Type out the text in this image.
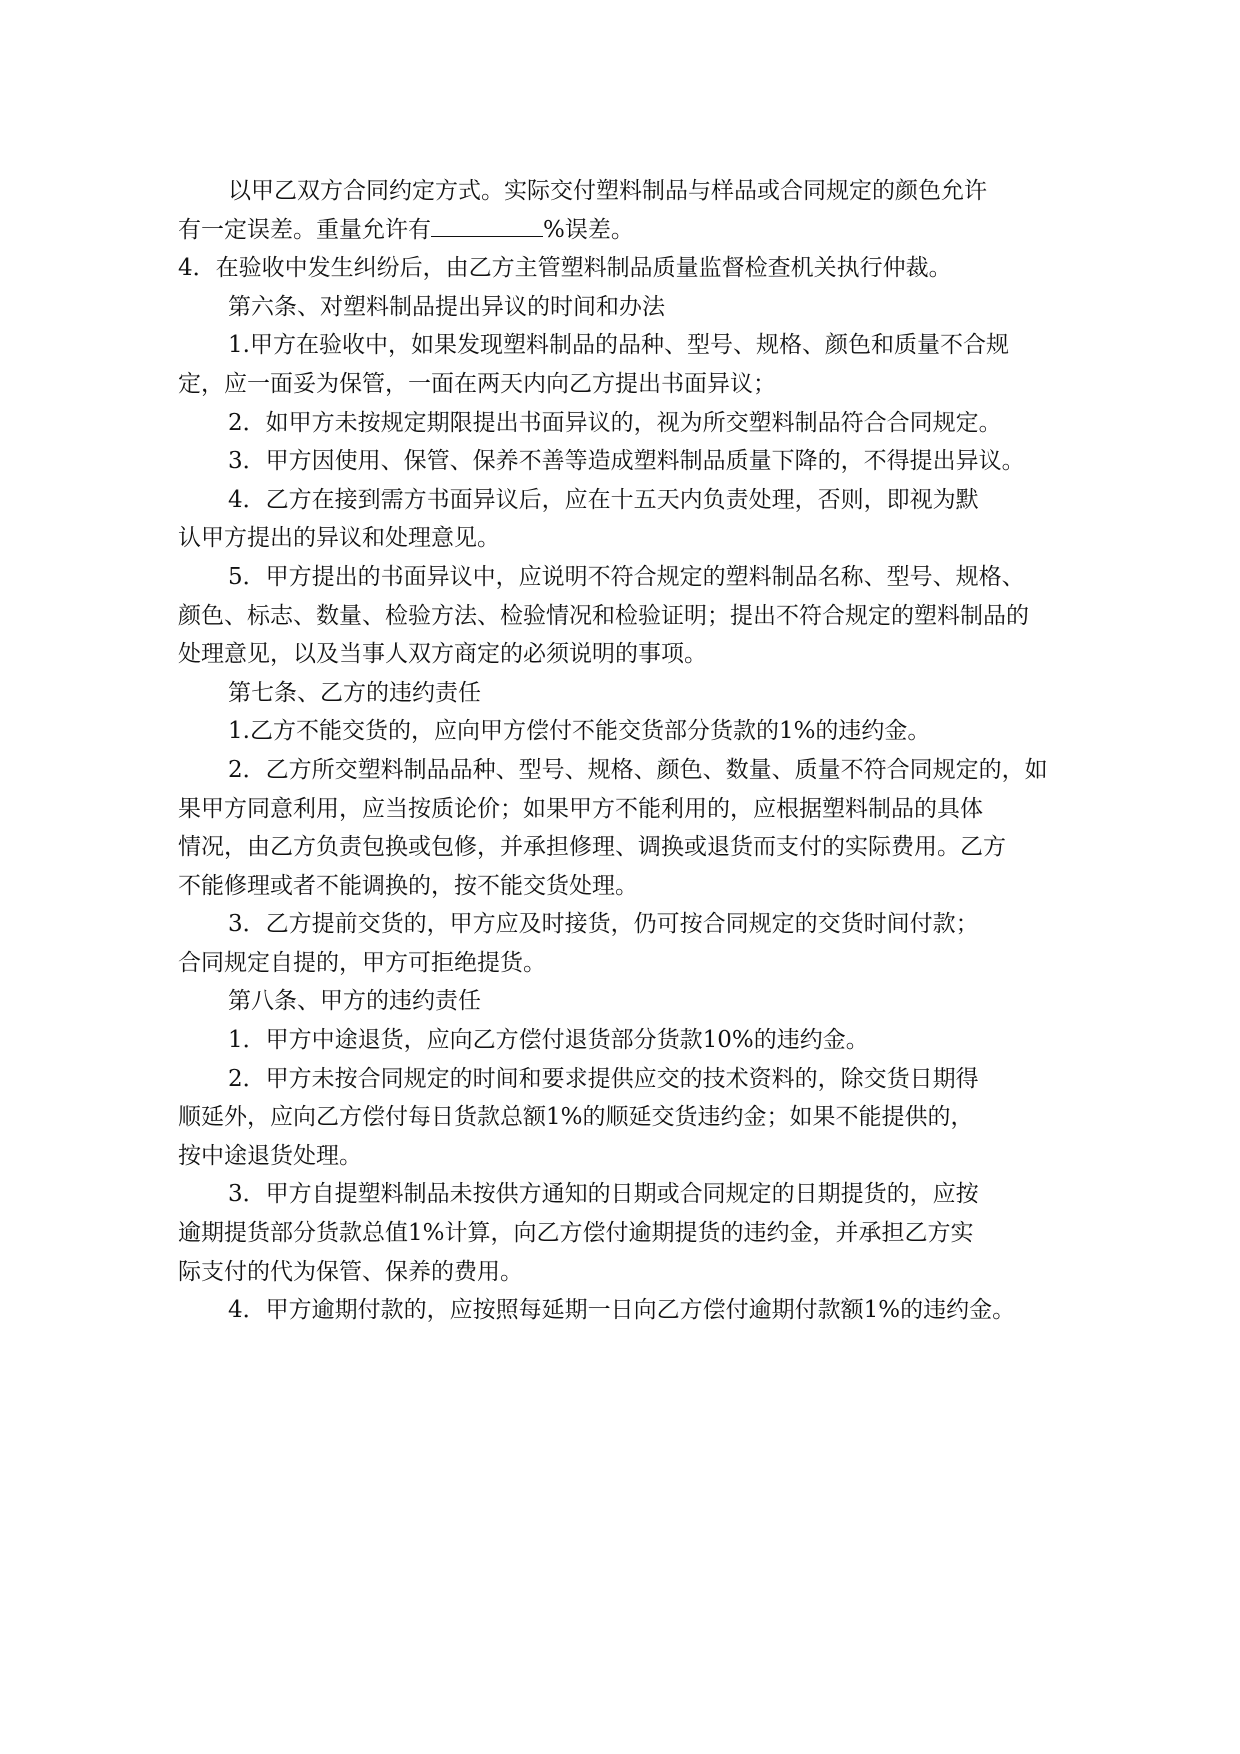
以甲乙双方合同约定方式。实际交付塑料制品与样品或合同规定的颜色允许
有一定误差。重量允许有	%误差。
4．在验收中发生纠纷后，由乙方主管塑料制品质量监督检查机关执行仲裁。
第六条、对塑料制品提出异议的时间和办法
1.甲方在验收中，如果发现塑料制品的品种、型号、规格、颜色和质量不合规
定，应一面妥为保管，一面在两天内向乙方提出书面异议；
2．如甲方未按规定期限提出书面异议的，视为所交塑料制品符合合同规定。
3．甲方因使用、保管、保养不善等造成塑料制品质量下降的，不得提出异议。
4．乙方在接到需方书面异议后，应在十五天内负责处理，否则，即视为默
认甲方提出的异议和处理意见。
5．甲方提出的书面异议中，应说明不符合规定的塑料制品名称、型号、规格、
颜色、标志、数量、检验方法、检验情况和检验证明；提出不符合规定的塑料制品的
处理意见，以及当事人双方商定的必须说明的事项。
第七条、乙方的违约责任
1.乙方不能交货的，应向甲方偿付不能交货部分货款的1%的违约金。
2．乙方所交塑料制品品种、型号、规格、颜色、数量、质量不符合同规定的，如
果甲方同意利用，应当按质论价；如果甲方不能利用的，应根据塑料制品的具体
情况，由乙方负责包换或包修，并承担修理、调换或退货而支付的实际费用。乙方
不能修理或者不能调换的，按不能交货处理。
3．乙方提前交货的，甲方应及时接货，仍可按合同规定的交货时间付款；
合同规定自提的，甲方可拒绝提货。
第八条、甲方的违约责任
1．甲方中途退货，应向乙方偿付退货部分货款10%的违约金。
2．甲方未按合同规定的时间和要求提供应交的技术资料的，除交货日期得
顺延外，应向乙方偿付每日货款总额1%的顺延交货违约金；如果不能提供的，
按中途退货处理。
3．甲方自提塑料制品未按供方通知的日期或合同规定的日期提货的，应按
逾期提货部分货款总值1%计算，向乙方偿付逾期提货的违约金，并承担乙方实
际支付的代为保管、保养的费用。
4．甲方逾期付款的，应按照每延期一日向乙方偿付逾期付款额1%的违约金。
